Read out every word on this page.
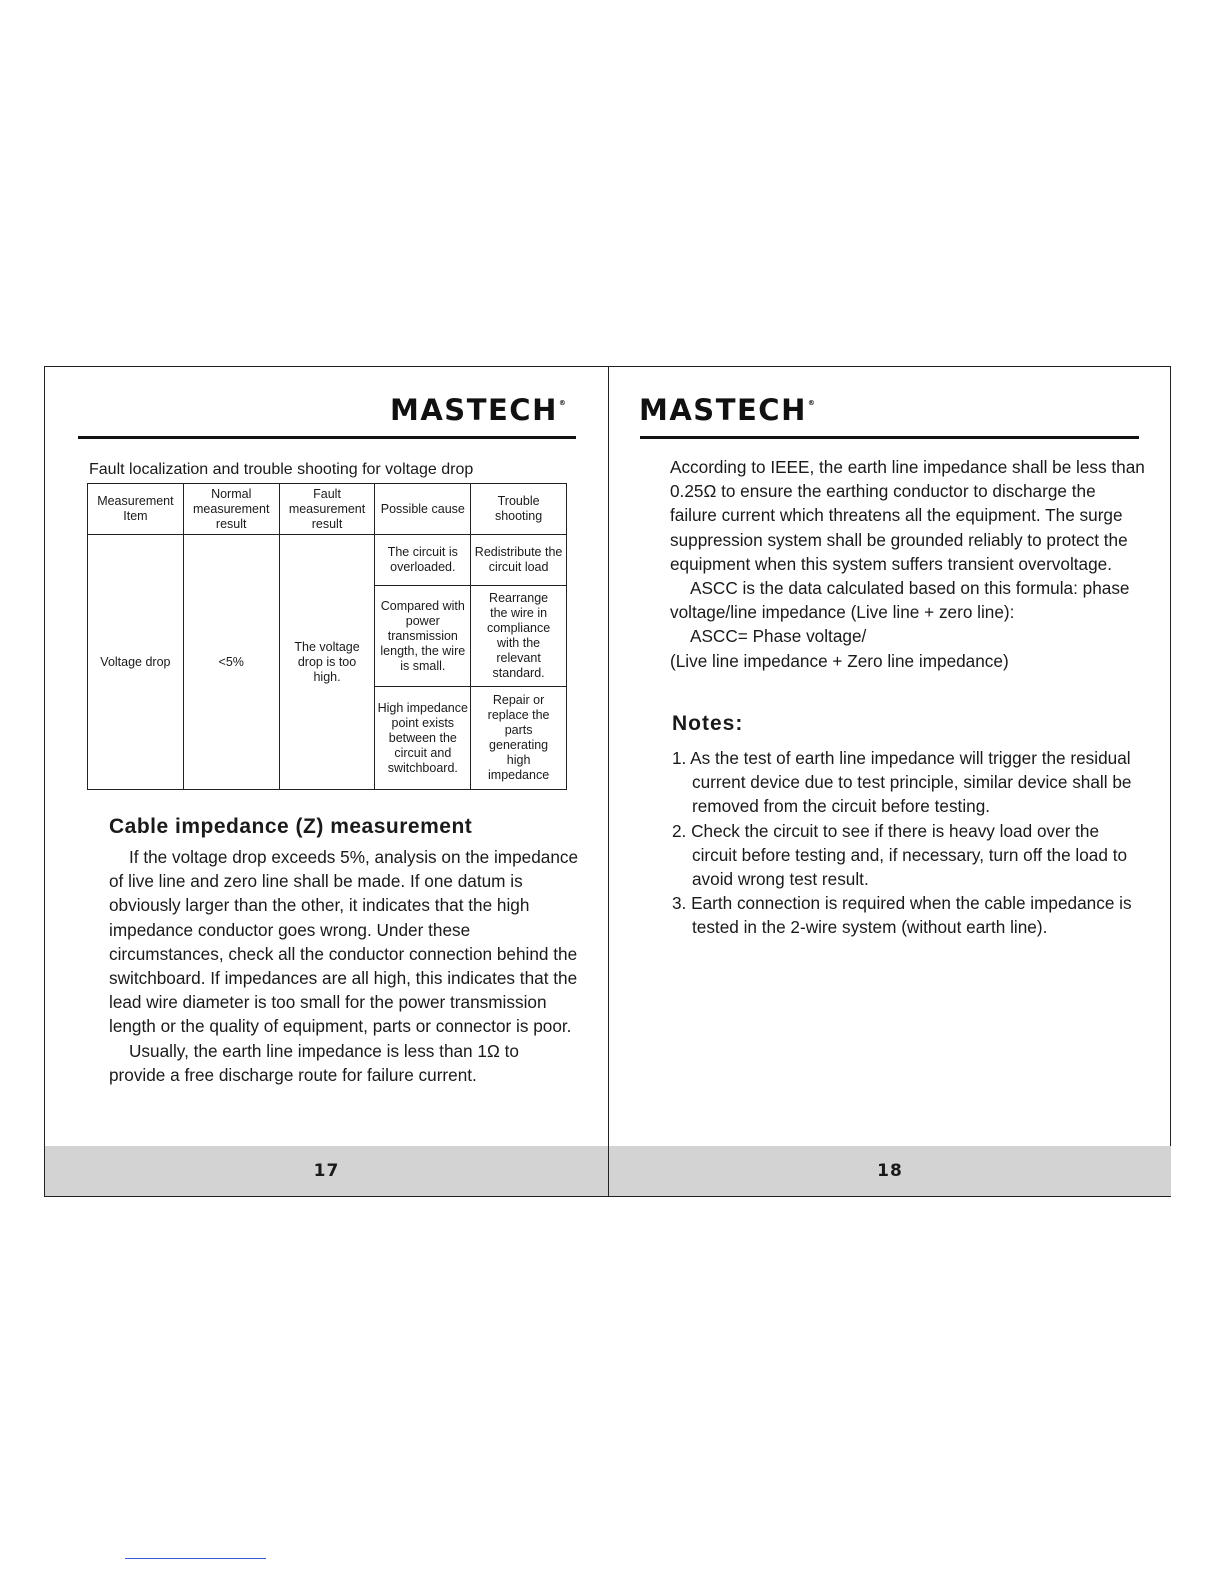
MASTECH®
Fault localization and trouble shooting for voltage drop
Measurement Item	Normal measurement result	Fault measurement result	Possible cause	Trouble shooting
Voltage drop	<5%	The voltage drop is too high.	The circuit is overloaded.	Redistribute the circuit load
			Compared with power transmission length, the wire is small.	Rearrange the wire in compliance with the relevant standard.
			High impedance point exists between the circuit and switchboard.	Repair or replace the parts generating high impedance
Cable impedance (Z) measurement

If the voltage drop exceeds 5%, analysis on the impedance of live line and zero line shall be made. If one datum is obviously larger than the other, it indicates that the high impedance conductor goes wrong. Under these circumstances, check all the conductor connection behind the switchboard. If impedances are all high, this indicates that the lead wire diameter is too small for the power transmission length or the quality of equipment, parts or connector is poor.

Usually, the earth line impedance is less than 1Ω to provide a free discharge route for failure current.

17
MASTECH®

According to IEEE, the earth line impedance shall be less than 0.25Ω to ensure the earthing conductor to discharge the failure current which threatens all the equipment. The surge suppression system shall be grounded reliably to protect the equipment when this system suffers transient overvoltage.

ASCC is the data calculated based on this formula: phase voltage/line impedance (Live line + zero line):

ASCC= Phase voltage/

(Live line impedance + Zero line impedance)

Notes:
1. As the test of earth line impedance will trigger the residual current device due to test principle, similar device shall be removed from the circuit before testing.
2. Check the circuit to see if there is heavy load over the circuit before testing and, if necessary, turn off the load to avoid wrong test result.
3. Earth connection is required when the cable impedance is tested in the 2-wire system (without earth line).
18
